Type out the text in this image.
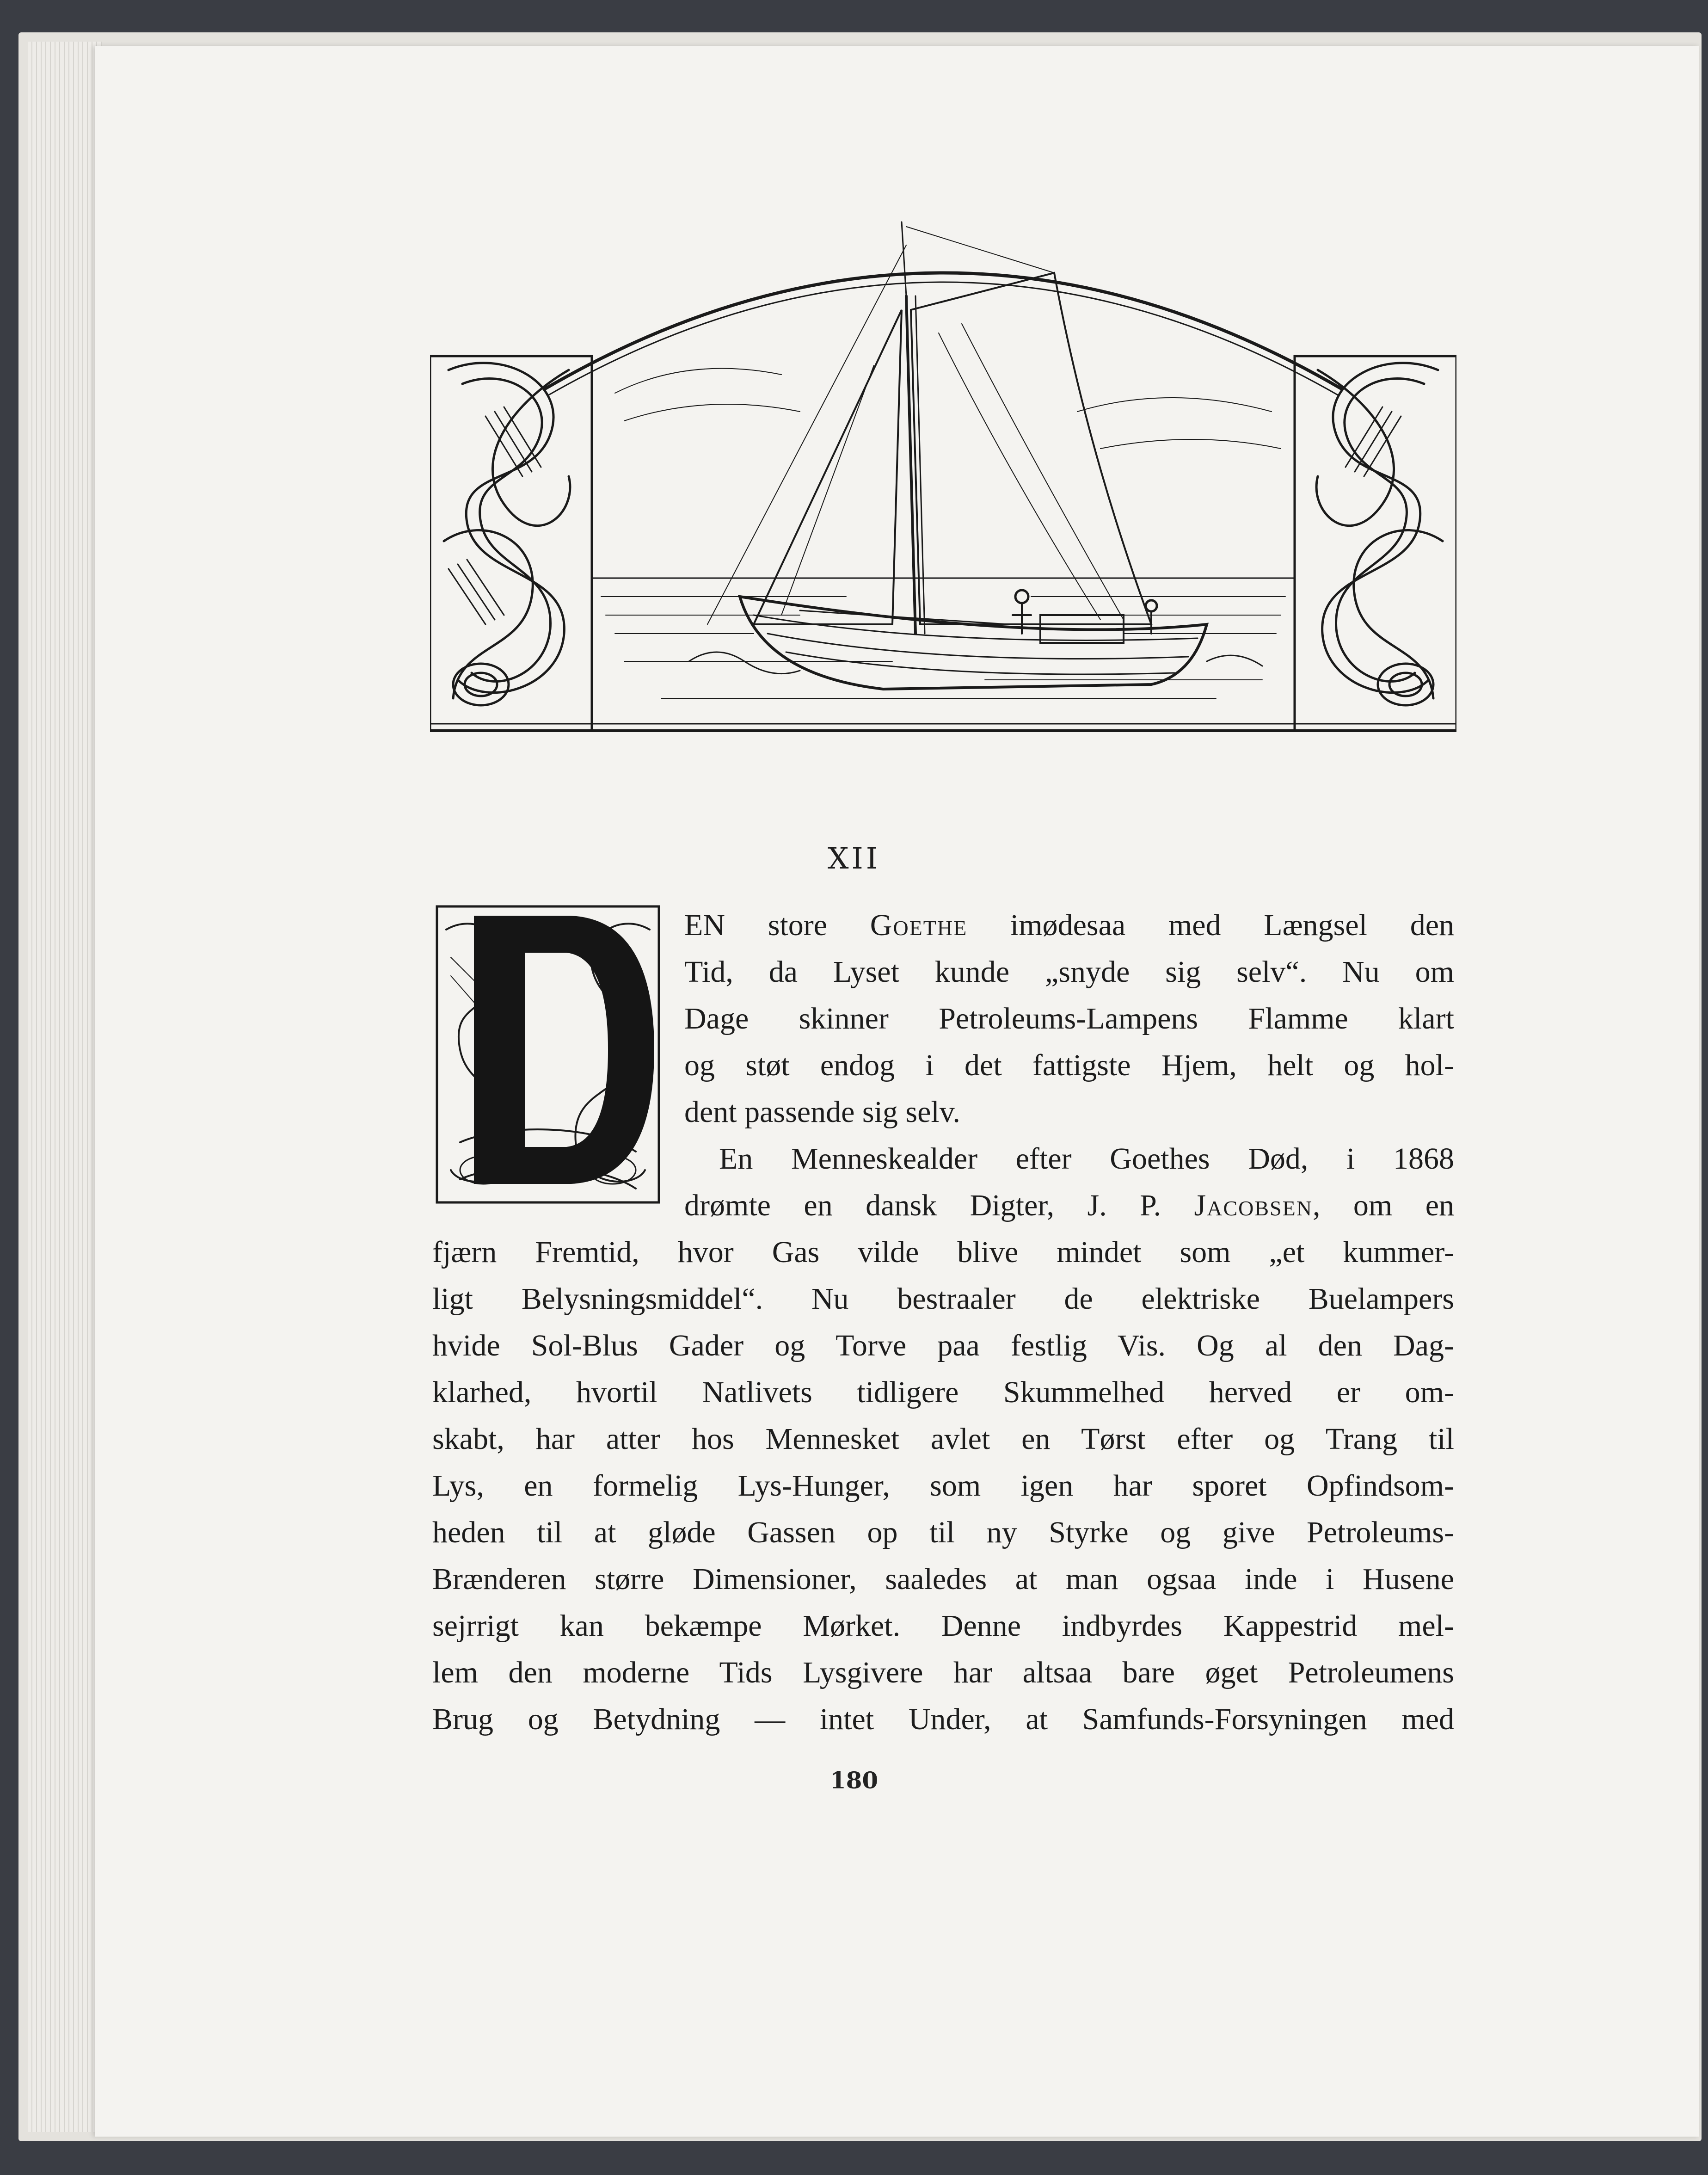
XII
EN store Goethe imødesaa med Længsel den
Tid, da Lyset kunde „snyde sig selv“. Nu om
Dage skinner Petroleums-Lampens Flamme klart
og støt endog i det fattigste Hjem, helt og hol-
dent passende sig selv.
En Menneskealder efter Goethes Død, i 1868
drømte en dansk Digter, J. P. Jacobsen, om en
fjærn Fremtid, hvor Gas vilde blive mindet som „et kummer-
ligt Belysningsmiddel“. Nu bestraaler de elektriske Buelampers
hvide Sol-Blus Gader og Torve paa festlig Vis. Og al den Dag-
klarhed, hvortil Natlivets tidligere Skummelhed herved er om-
skabt, har atter hos Mennesket avlet en Tørst efter og Trang til
Lys, en formelig Lys-Hunger, som igen har sporet Opfindsom-
heden til at gløde Gassen op til ny Styrke og give Petroleums-
Brænderen større Dimensioner, saaledes at man ogsaa inde i Husene
sejrrigt kan bekæmpe Mørket. Denne indbyrdes Kappestrid mel-
lem den moderne Tids Lysgivere har altsaa bare øget Petroleumens
Brug og Betydning — intet Under, at Samfunds-Forsyningen med
180
